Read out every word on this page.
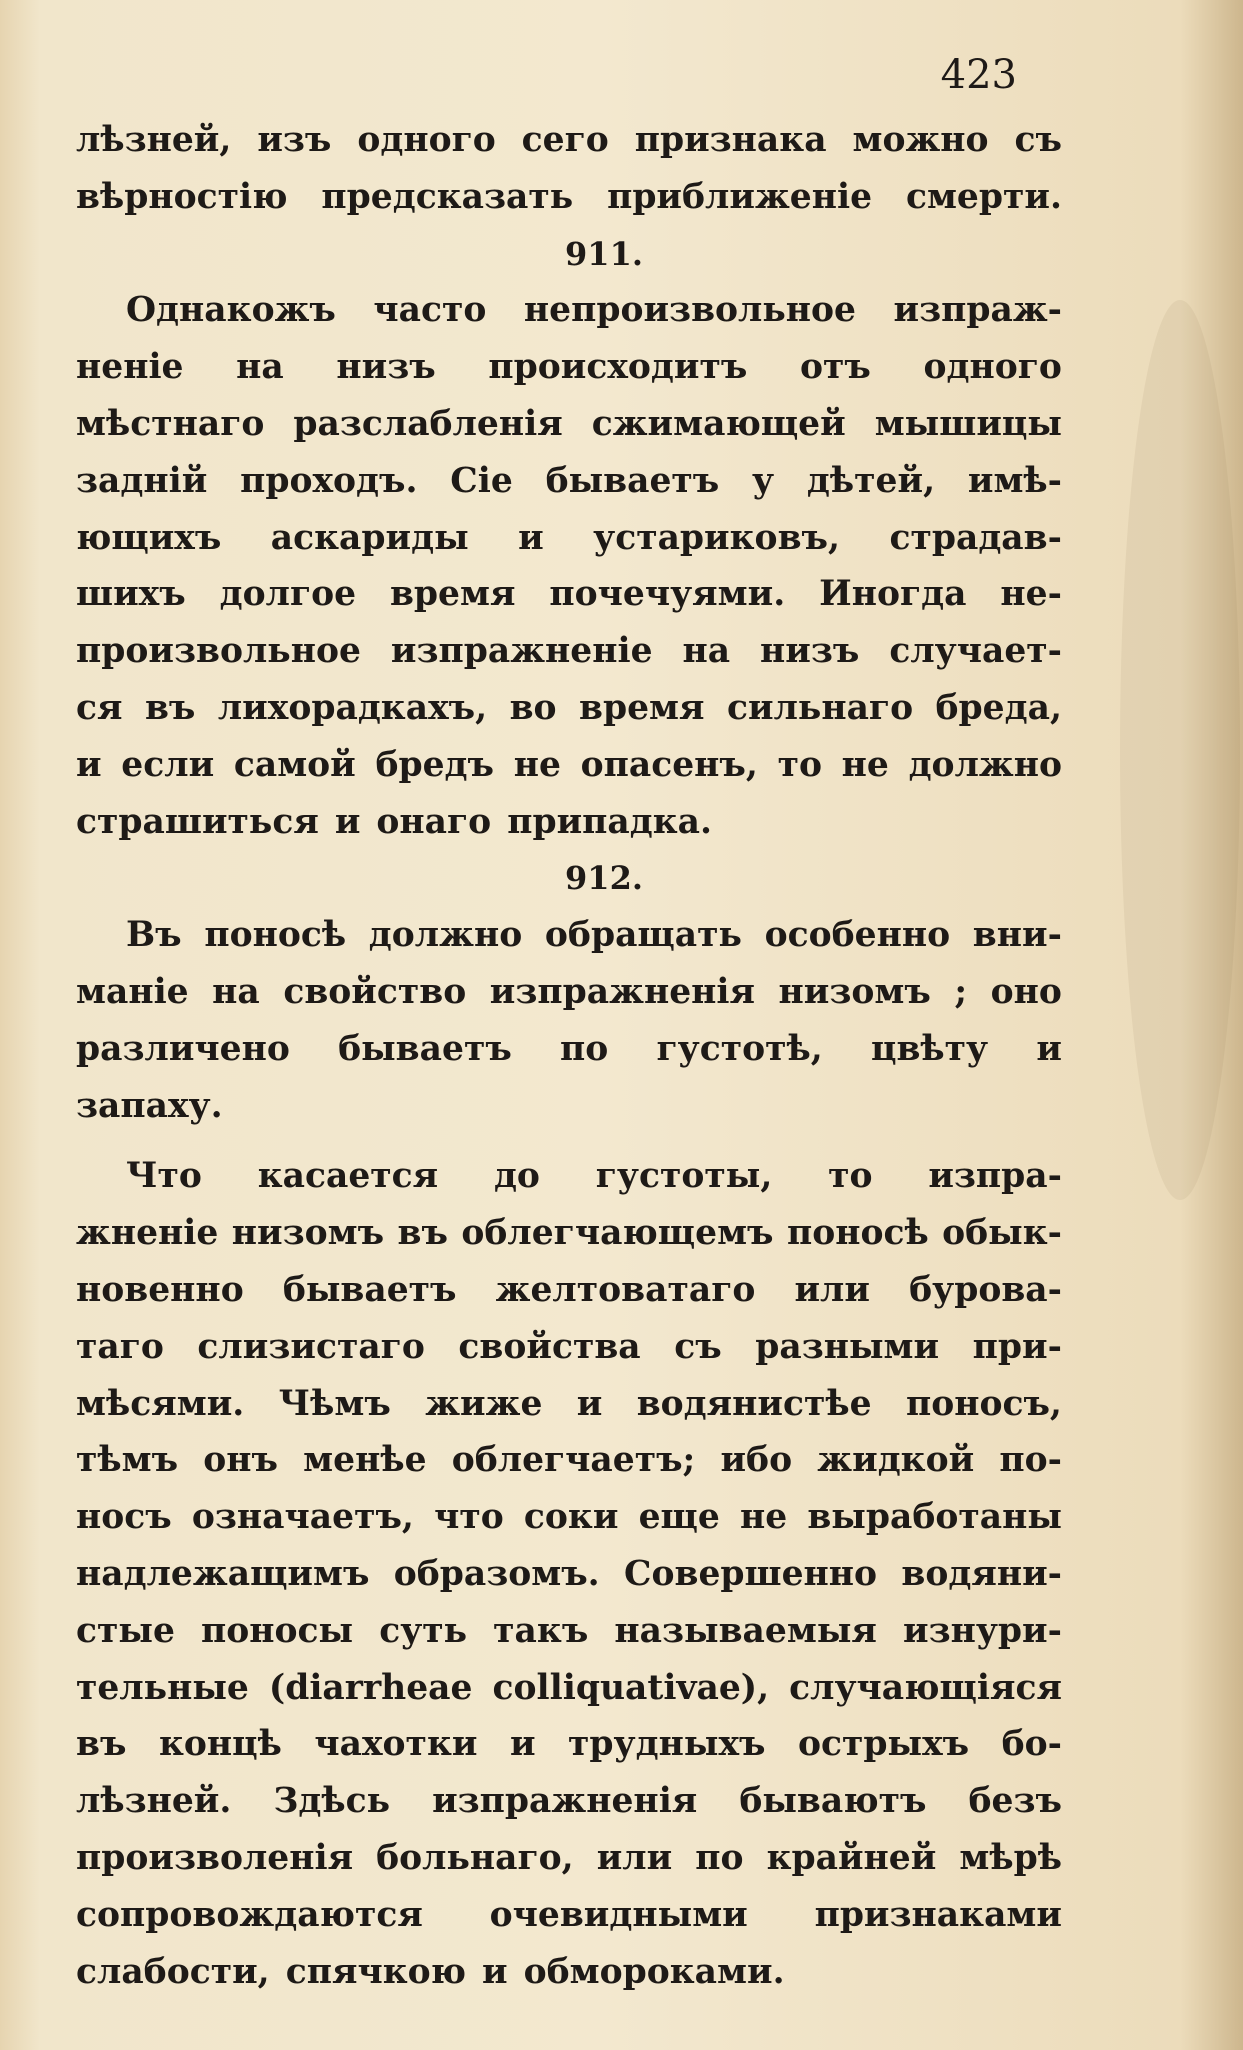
423
лѣзней, изъ одного сего признака можно съ
вѣрностію предсказать приближеніе смерти.
911.
Однакожъ часто непроизвольное изпраж-
неніе на низъ происходитъ отъ одного
мѣстнаго разслабленія сжимающей мышицы
задній проходъ. Сіе бываетъ у дѣтей, имѣ-
ющихъ аскариды и устариковъ, страдав-
шихъ долгое время почечуями. Иногда не-
произвольное изпражненіе на низъ случает-
ся въ лихорадкахъ, во время сильнаго бреда,
и если самой бредъ не опасенъ, то не должно
страшиться и онаго припадка.
912.
Въ поносѣ должно обращать особенно вни-
маніе на свойство изпражненія низомъ ; оно
различено бываетъ по густотѣ, цвѣту и
запаху.
Что касается до густоты, то изпра-
жненіе низомъ въ облегчающемъ поносѣ обык-
новенно бываетъ желтоватаго или бурова-
таго слизистаго свойства съ разными при-
мѣсями. Чѣмъ жиже и водянистѣе поносъ,
тѣмъ онъ менѣе облегчаетъ; ибо жидкой по-
носъ означаетъ, что соки еще не выработаны
надлежащимъ образомъ. Совершенно водяни-
стые поносы суть такъ называемыя изнури-
тельные (diarrheae colliquativae), случающіяся
въ концѣ чахотки и трудныхъ острыхъ бо-
лѣзней. Здѣсь изпражненія бываютъ безъ
произволенія больнаго, или по крайней мѣрѣ
сопровождаются очевидными признаками
слабости, спячкою и обмороками.
